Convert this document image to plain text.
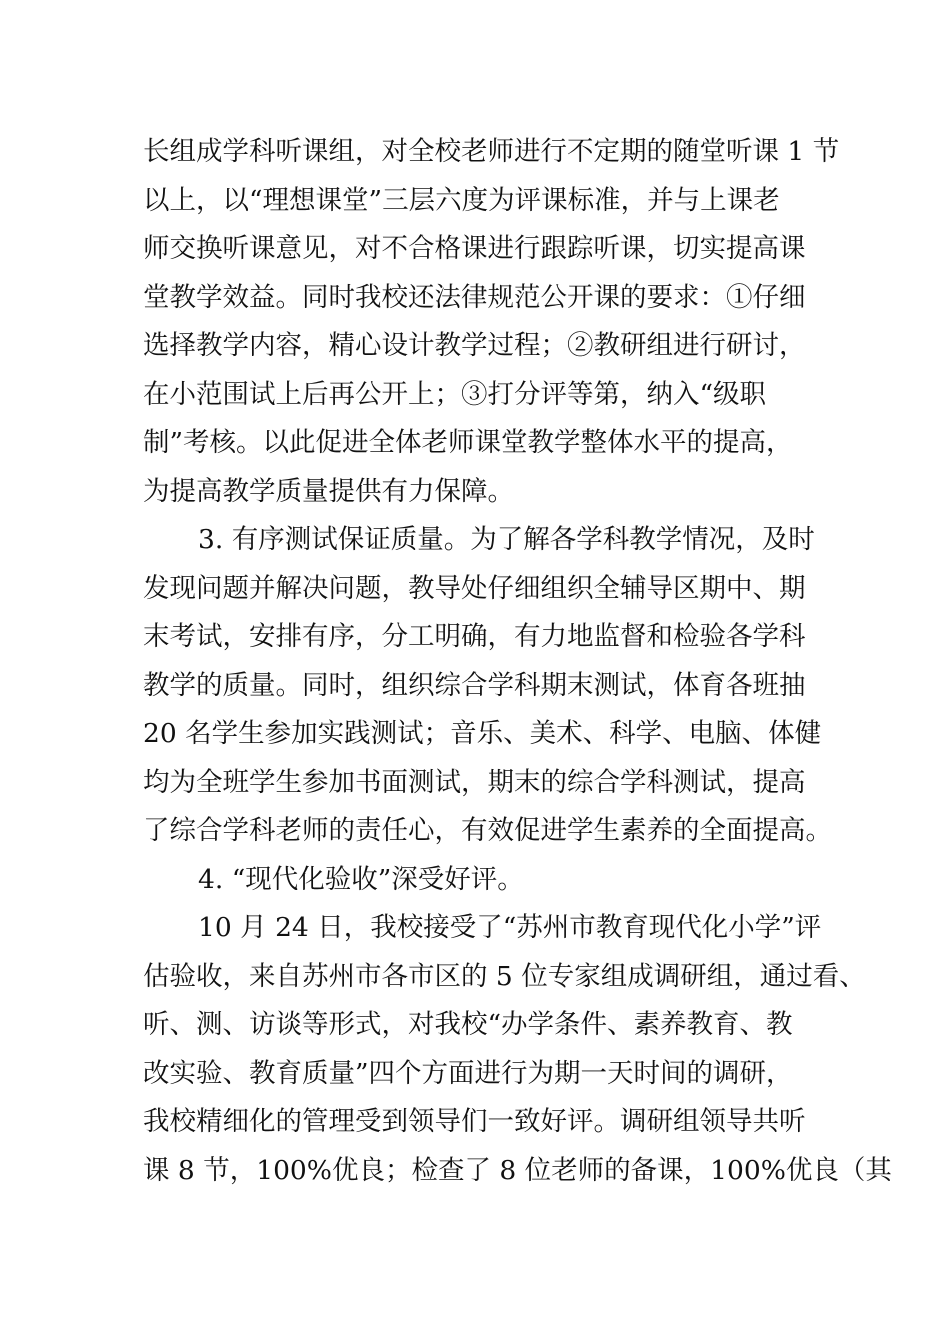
长组成学科听课组，对全校老师进行不定期的随堂听课 1 节
以上，以“理想课堂”三层六度为评课标准，并与上课老
师交换听课意见，对不合格课进行跟踪听课，切实提高课
堂教学效益。同时我校还法律规范公开课的要求：①仔细
选择教学内容，精心设计教学过程；②教研组进行研讨，
在小范围试上后再公开上；③打分评等第，纳入“级职
制”考核。以此促进全体老师课堂教学整体水平的提高，
为提高教学质量提供有力保障。
3. 有序测试保证质量。为了解各学科教学情况，及时
发现问题并解决问题，教导处仔细组织全辅导区期中、期
末考试，安排有序，分工明确，有力地监督和检验各学科
教学的质量。同时，组织综合学科期末测试，体育各班抽
20 名学生参加实践测试；音乐、美术、科学、电脑、体健
均为全班学生参加书面测试，期末的综合学科测试，提高
了综合学科老师的责任心，有效促进学生素养的全面提高。
4. “现代化验收”深受好评。
10 月 24 日，我校接受了“苏州市教育现代化小学”评
估验收，来自苏州市各市区的 5 位专家组成调研组，通过看、
听、测、访谈等形式，对我校“办学条件、素养教育、教
改实验、教育质量”四个方面进行为期一天时间的调研，
我校精细化的管理受到领导们一致好评。调研组领导共听
课 8 节，100%优良；检查了 8 位老师的备课，100%优良（其
